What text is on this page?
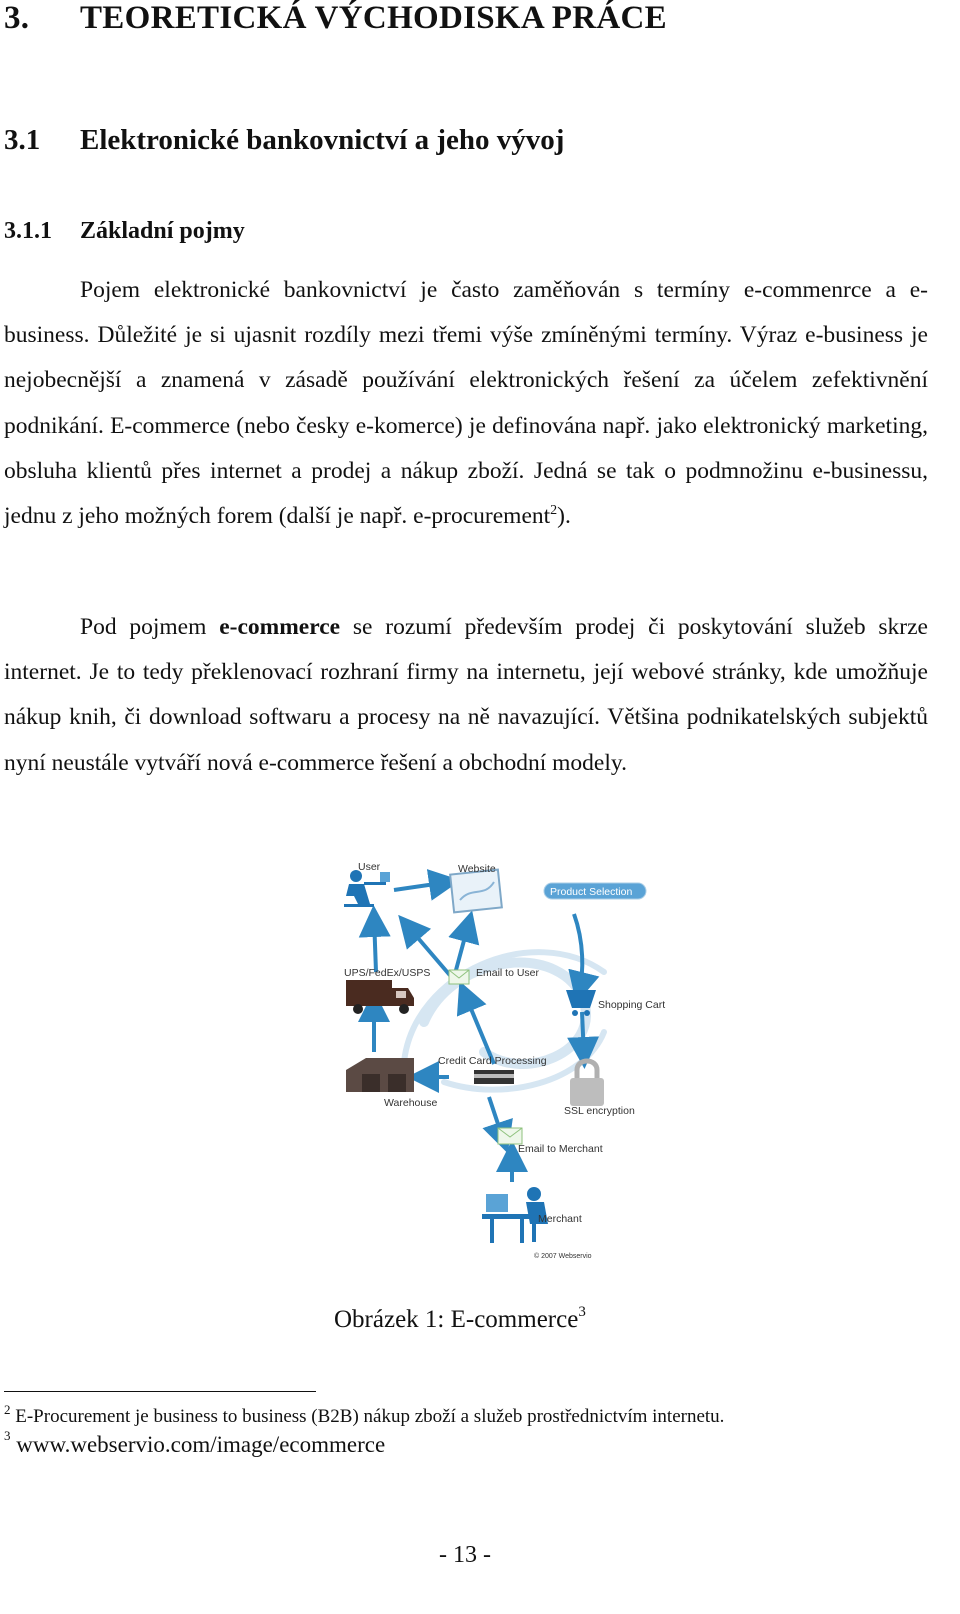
3. TEORETICKÁ VÝCHODISKA PRÁCE
3.1 Elektronické bankovnictví a jeho vývoj
3.1.1 Základní pojmy

Pojem elektronické bankovnictví je často zaměňován s termíny e-commenrce a e-business. Důležité je si ujasnit rozdíly mezi třemi výše zmíněnými termíny. Výraz e-business je nejobecnější a znamená v zásadě používání elektronických řešení za účelem zefektivnění podnikání. E-commerce (nebo česky e-komerce) je definována např. jako elektronický marketing, obsluha klientů přes internet a prodej a nákup zboží. Jedná se tak o podmnožinu e-businessu, jednu z jeho možných forem (další je např. e-procurement$^2$).

Pod pojmem e-commerce se rozumí především prodej či poskytování služeb skrze internet. Je to tedy překlenovací rozhraní firmy na internetu, její webové stránky, kde umožňuje nákup knih, či download softwaru a procesy na ně navazující. Většina podnikatelských subjektů nyní neustále vytváří nová e-commerce řešení a obchodní modely.

User	Website
Product Selection
UPS/FedEx/USPS	Email to User
Shopping Cart
Warehouse
Credit Card Processing
SSL encryption
Email to Merchant
Merchant
© 2007 Webservio
Obrázek 1: E-commerce$^3$
$^2$ E-Procurement je business to business (B2B) nákup zboží a služeb prostřednictvím internetu.
$^3$ www.webservio.com/image/ecommerce
- 13 -
